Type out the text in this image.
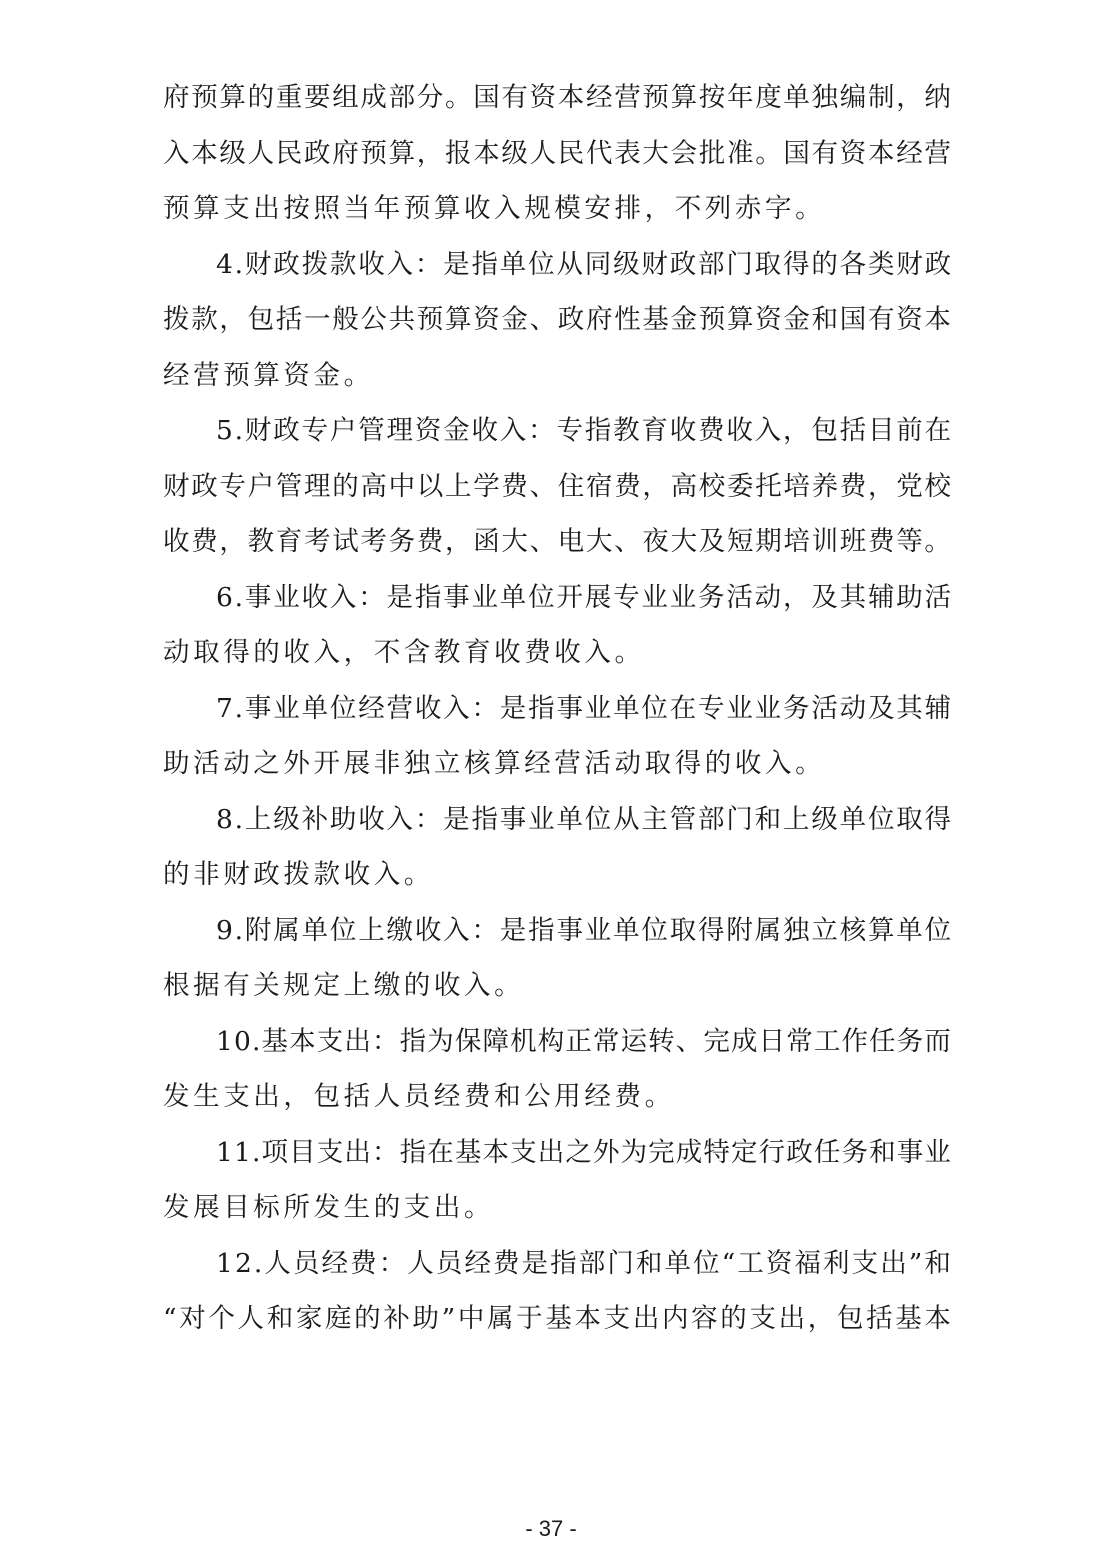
府预算的重要组成部分。国有资本经营预算按年度单独编制，纳
入本级人民政府预算，报本级人民代表大会批准。国有资本经营
预算支出按照当年预算收入规模安排，不列赤字。
4.财政拨款收入：是指单位从同级财政部门取得的各类财政
拨款，包括一般公共预算资金、政府性基金预算资金和国有资本
经营预算资金。
5.财政专户管理资金收入：专指教育收费收入，包括目前在
财政专户管理的高中以上学费、住宿费，高校委托培养费，党校
收费，教育考试考务费，函大、电大、夜大及短期培训班费等。
6.事业收入：是指事业单位开展专业业务活动，及其辅助活
动取得的收入，不含教育收费收入。
7.事业单位经营收入：是指事业单位在专业业务活动及其辅
助活动之外开展非独立核算经营活动取得的收入。
8.上级补助收入：是指事业单位从主管部门和上级单位取得
的非财政拨款收入。
9.附属单位上缴收入：是指事业单位取得附属独立核算单位
根据有关规定上缴的收入。
10.基本支出：指为保障机构正常运转、完成日常工作任务而
发生支出，包括人员经费和公用经费。
11.项目支出：指在基本支出之外为完成特定行政任务和事业
发展目标所发生的支出。
12.人员经费：人员经费是指部门和单位“工资福利支出”和
“对个人和家庭的补助”中属于基本支出内容的支出，包括基本
- 37 -
